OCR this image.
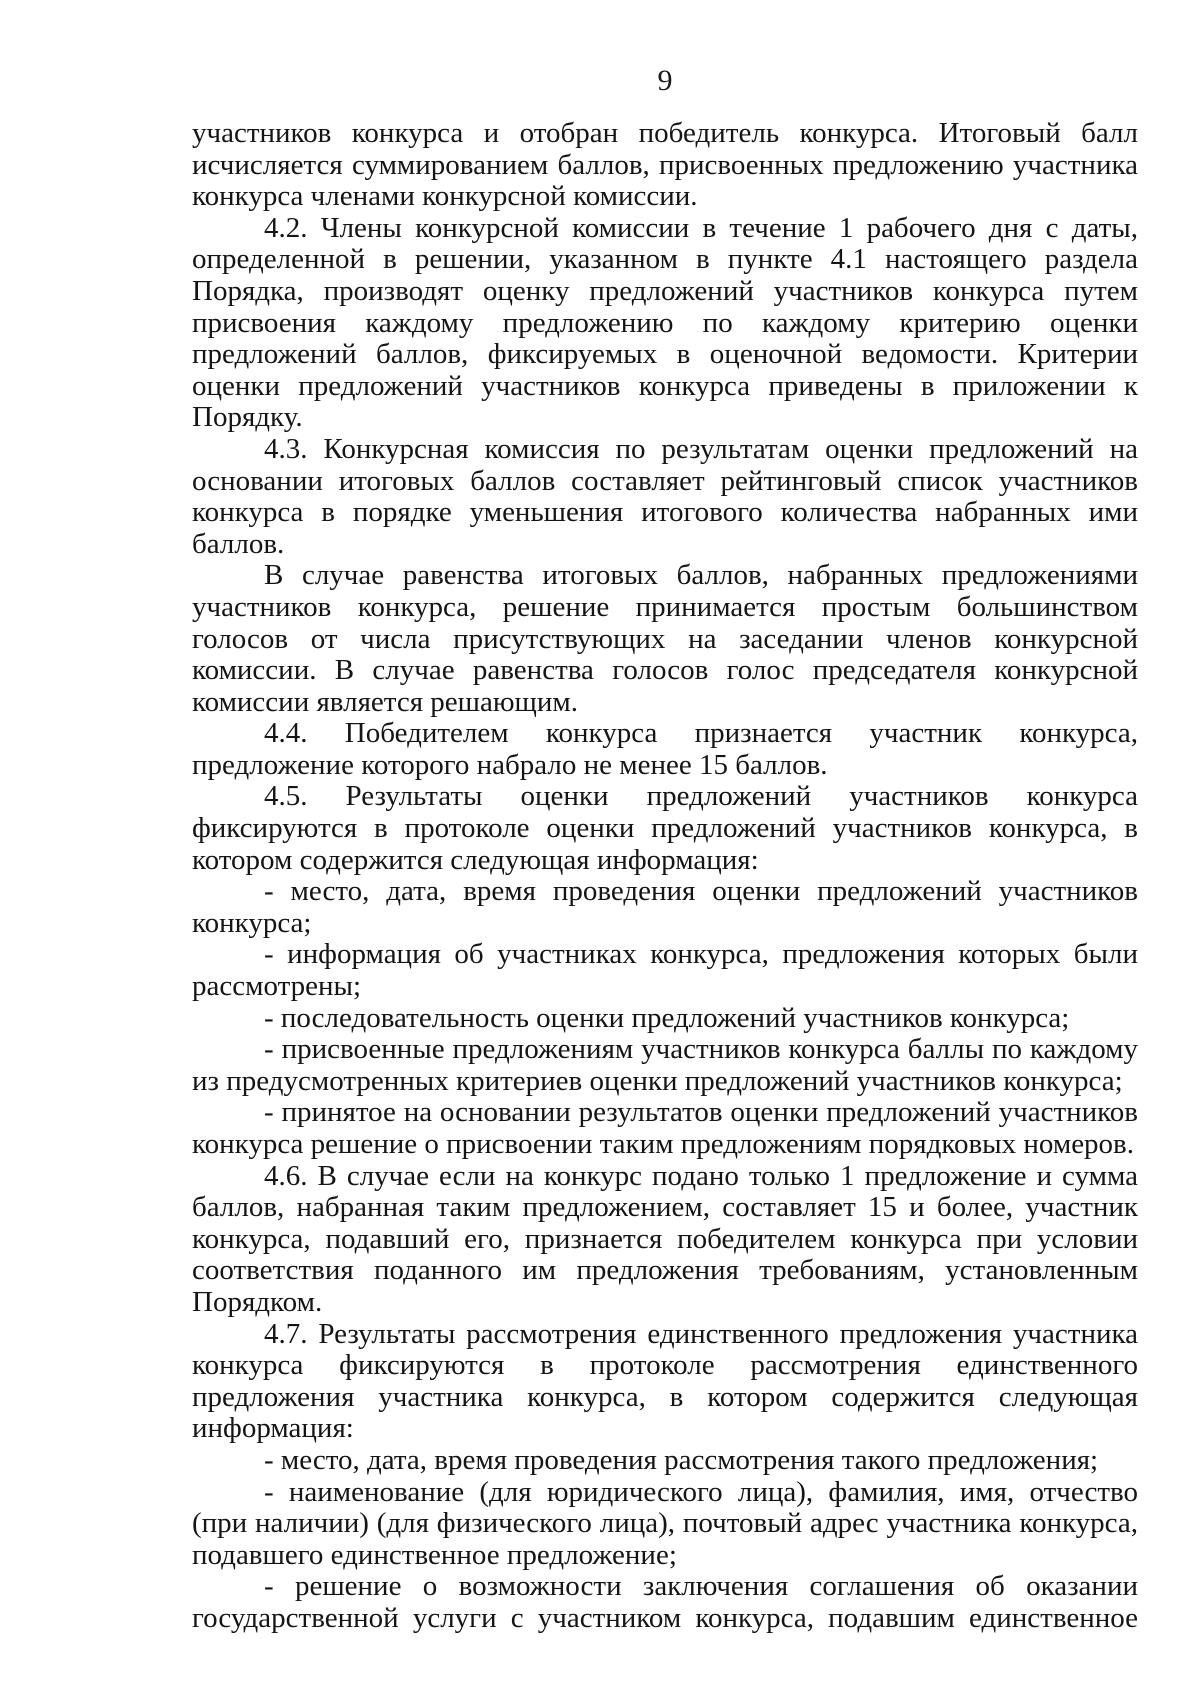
9

участников конкурса и отобран победитель конкурса. Итоговый балл исчисляется суммированием баллов, присвоенных предложению участника конкурса членами конкурсной комиссии.

4.2. Члены конкурсной комиссии в течение 1 рабочего дня с даты, определенной в решении, указанном в пункте 4.1 настоящего раздела Порядка, производят оценку предложений участников конкурса путем присвоения каждому предложению по каждому критерию оценки предложений баллов, фиксируемых в оценочной ведомости. Критерии оценки предложений участников конкурса приведены в приложении к Порядку.

4.3. Конкурсная комиссия по результатам оценки предложений на основании итоговых баллов составляет рейтинговый список участников конкурса в порядке уменьшения итогового количества набранных ими баллов.

В случае равенства итоговых баллов, набранных предложениями участников конкурса, решение принимается простым большинством голосов от числа присутствующих на заседании членов конкурсной комиссии. В случае равенства голосов голос председателя конкурсной комиссии является решающим.

4.4. Победителем конкурса признается участник конкурса, предложение которого набрало не менее 15 баллов.

4.5. Результаты оценки предложений участников конкурса фиксируются в протоколе оценки предложений участников конкурса, в котором содержится следующая информация:

- место, дата, время проведения оценки предложений участников конкурса;

- информация об участниках конкурса, предложения которых были рассмотрены;

- последовательность оценки предложений участников конкурса;

- присвоенные предложениям участников конкурса баллы по каждому из предусмотренных критериев оценки предложений участников конкурса;

- принятое на основании результатов оценки предложений участников конкурса решение о присвоении таким предложениям порядковых номеров.

4.6. В случае если на конкурс подано только 1 предложение и сумма баллов, набранная таким предложением, составляет 15 и более, участник конкурса, подавший его, признается победителем конкурса при условии соответствия поданного им предложения требованиям, установленным Порядком.

4.7. Результаты рассмотрения единственного предложения участника конкурса фиксируются в протоколе рассмотрения единственного предложения участника конкурса, в котором содержится следующая информация:

- место, дата, время проведения рассмотрения такого предложения;

- наименование (для юридического лица), фамилия, имя, отчество (при наличии) (для физического лица), почтовый адрес участника конкурса, подавшего единственное предложение;

- решение о возможности заключения соглашения об оказании государственной услуги с участником конкурса, подавшим единственное
